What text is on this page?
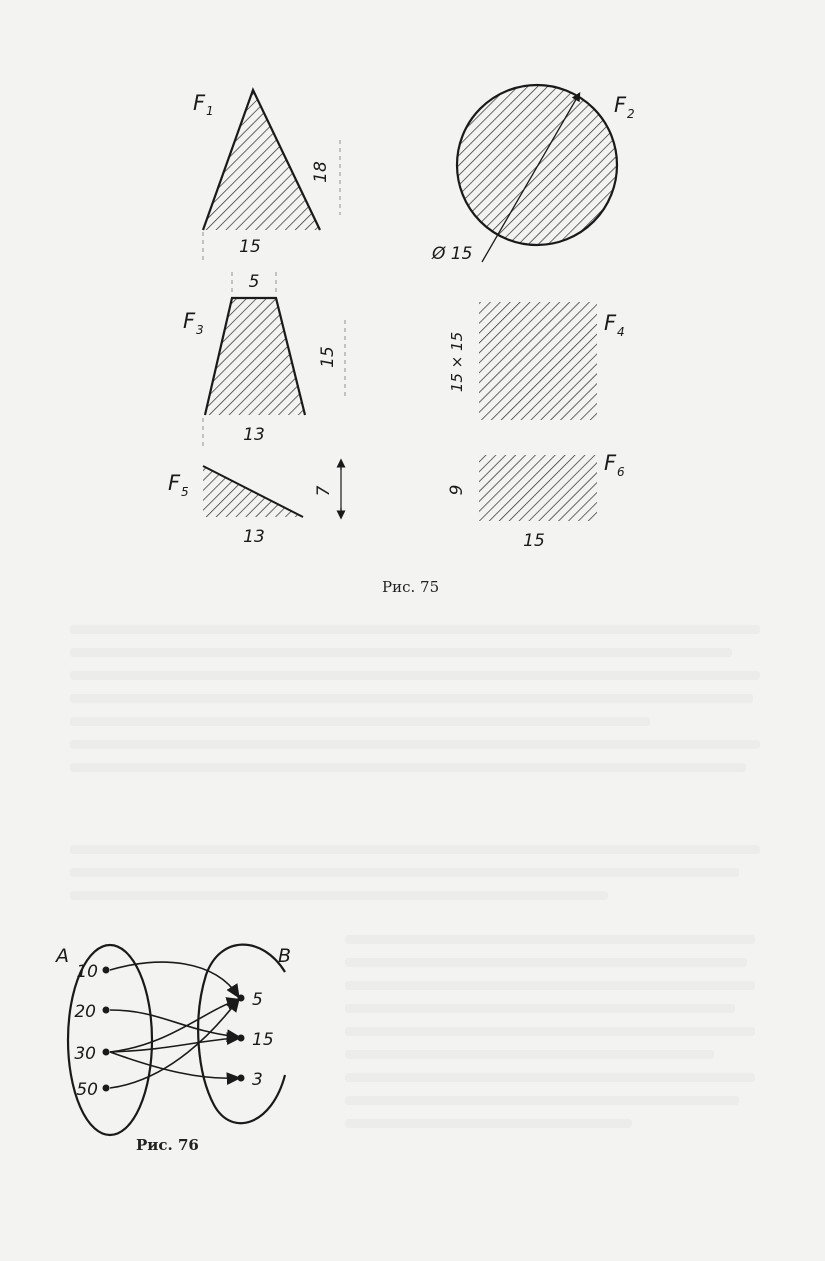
F 1
15
18
F 2
Ø 15
F 3
5
13
15
F 4
15 × 15
F 5
13
7
F 6
15
9
A	B
10
20
30
50
5
15
3
Рис. 75
Рис. 76
